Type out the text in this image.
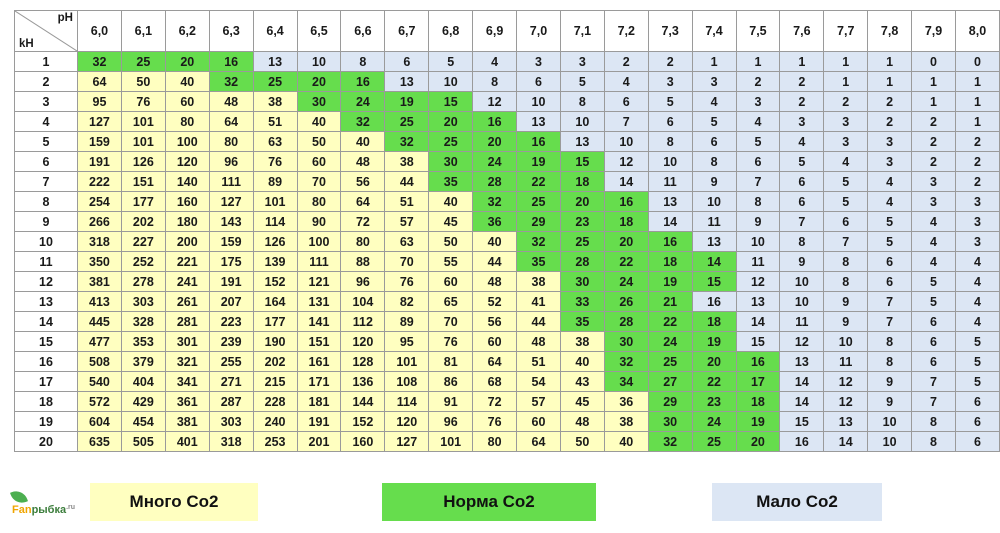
pH
kH	6,0	6,1	6,2	6,3	6,4	6,5	6,6	6,7	6,8	6,9	7,0	7,1	7,2	7,3	7,4	7,5	7,6	7,7	7,8	7,9	8,0
1	32	25	20	16	13	10	8	6	5	4	3	3	2	2	1	1	1	1	1	0	0
2	64	50	40	32	25	20	16	13	10	8	6	5	4	3	3	2	2	1	1	1	1
3	95	76	60	48	38	30	24	19	15	12	10	8	6	5	4	3	2	2	2	1	1
4	127	101	80	64	51	40	32	25	20	16	13	10	7	6	5	4	3	3	2	2	1
5	159	101	100	80	63	50	40	32	25	20	16	13	10	8	6	5	4	3	3	2	2
6	191	126	120	96	76	60	48	38	30	24	19	15	12	10	8	6	5	4	3	2	2
7	222	151	140	111	89	70	56	44	35	28	22	18	14	11	9	7	6	5	4	3	2
8	254	177	160	127	101	80	64	51	40	32	25	20	16	13	10	8	6	5	4	3	3
9	266	202	180	143	114	90	72	57	45	36	29	23	18	14	11	9	7	6	5	4	3
10	318	227	200	159	126	100	80	63	50	40	32	25	20	16	13	10	8	7	5	4	3
11	350	252	221	175	139	111	88	70	55	44	35	28	22	18	14	11	9	8	6	4	4
12	381	278	241	191	152	121	96	76	60	48	38	30	24	19	15	12	10	8	6	5	4
13	413	303	261	207	164	131	104	82	65	52	41	33	26	21	16	13	10	9	7	5	4
14	445	328	281	223	177	141	112	89	70	56	44	35	28	22	18	14	11	9	7	6	4
15	477	353	301	239	190	151	120	95	76	60	48	38	30	24	19	15	12	10	8	6	5
16	508	379	321	255	202	161	128	101	81	64	51	40	32	25	20	16	13	11	8	6	5
17	540	404	341	271	215	171	136	108	86	68	54	43	34	27	22	17	14	12	9	7	5
18	572	429	361	287	228	181	144	114	91	72	57	45	36	29	23	18	14	12	9	7	6
19	604	454	381	303	240	191	152	120	96	76	60	48	38	30	24	19	15	13	10	8	6
20	635	505	401	318	253	201	160	127	101	80	64	50	40	32	25	20	16	14	10	8	6
Много Со2	Норма Со2	Мало Со2
Fanрыбка$^{.ru}$
